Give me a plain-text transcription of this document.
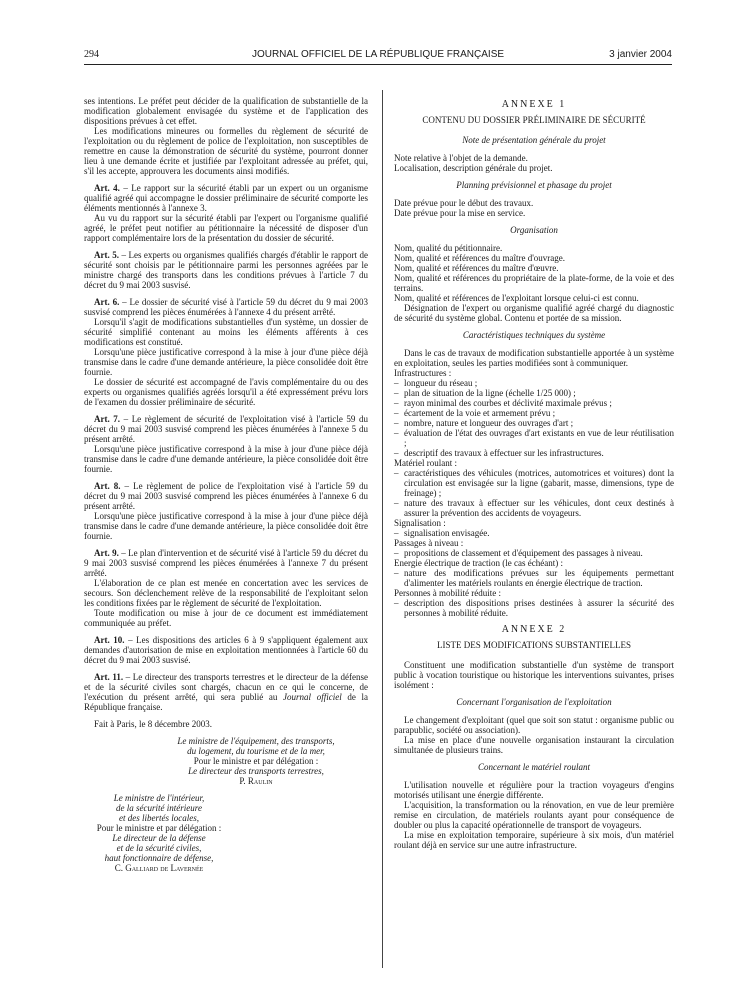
294	JOURNAL OFFICIEL DE LA RÉPUBLIQUE FRANÇAISE	3 janvier 2004

ses intentions. Le préfet peut décider de la qualification de substantielle de la modification globalement envisagée du système et de l'application des dispositions prévues à cet effet.

Les modifications mineures ou formelles du règlement de sécurité de l'exploitation ou du règlement de police de l'exploitation, non susceptibles de remettre en cause la démonstration de sécurité du système, pourront donner lieu à une demande écrite et justifiée par l'exploitant adressée au préfet, qui, s'il les accepte, approuvera les documents ainsi modifiés.

Art. 4. – Le rapport sur la sécurité établi par un expert ou un organisme qualifié agréé qui accompagne le dossier préliminaire de sécurité comporte les éléments mentionnés à l'annexe 3.

Au vu du rapport sur la sécurité établi par l'expert ou l'organisme qualifié agréé, le préfet peut notifier au pétitionnaire la nécessité de disposer d'un rapport complémentaire lors de la présentation du dossier de sécurité.

Art. 5. – Les experts ou organismes qualifiés chargés d'établir le rapport de sécurité sont choisis par le pétitionnaire parmi les personnes agréées par le ministre chargé des transports dans les conditions prévues à l'article 7 du décret du 9 mai 2003 susvisé.

Art. 6. – Le dossier de sécurité visé à l'article 59 du décret du 9 mai 2003 susvisé comprend les pièces énumérées à l'annexe 4 du présent arrêté.

Lorsqu'il s'agit de modifications substantielles d'un système, un dossier de sécurité simplifié contenant au moins les éléments afférents à ces modifications est constitué.

Lorsqu'une pièce justificative correspond à la mise à jour d'une pièce déjà transmise dans le cadre d'une demande antérieure, la pièce consolidée doit être fournie.

Le dossier de sécurité est accompagné de l'avis complémentaire du ou des experts ou organismes qualifiés agréés lorsqu'il a été expressément prévu lors de l'examen du dossier préliminaire de sécurité.

Art. 7. – Le règlement de sécurité de l'exploitation visé à l'article 59 du décret du 9 mai 2003 susvisé comprend les pièces énumérées à l'annexe 5 du présent arrêté.

Lorsqu'une pièce justificative correspond à la mise à jour d'une pièce déjà transmise dans le cadre d'une demande antérieure, la pièce consolidée doit être fournie.

Art. 8. – Le règlement de police de l'exploitation visé à l'article 59 du décret du 9 mai 2003 susvisé comprend les pièces énumérées à l'annexe 6 du présent arrêté.

Lorsqu'une pièce justificative correspond à la mise à jour d'une pièce déjà transmise dans le cadre d'une demande antérieure, la pièce consolidée doit être fournie.

Art. 9. – Le plan d'intervention et de sécurité visé à l'article 59 du décret du 9 mai 2003 susvisé comprend les pièces énumérées à l'annexe 7 du présent arrêté.

L'élaboration de ce plan est menée en concertation avec les services de secours. Son déclenchement relève de la responsabilité de l'exploitant selon les conditions fixées par le règlement de sécurité de l'exploitation.

Toute modification ou mise à jour de ce document est immédiatement communiquée au préfet.

Art. 10. – Les dispositions des articles 6 à 9 s'appliquent également aux demandes d'autorisation de mise en exploitation mentionnées à l'article 60 du décret du 9 mai 2003 susvisé.

Art. 11. – Le directeur des transports terrestres et le directeur de la défense et de la sécurité civiles sont chargés, chacun en ce qui le concerne, de l'exécution du présent arrêté, qui sera publié au Journal officiel de la République française.

Fait à Paris, le 8 décembre 2003.

Le ministre de l'équipement, des transports,

du logement, du tourisme et de la mer,

Pour le ministre et par délégation :

Le directeur des transports terrestres,

P. Raulin

Le ministre de l'intérieur,

de la sécurité intérieure

et des libertés locales,

Pour le ministre et par délégation :

Le directeur de la défense

et de la sécurité civiles,

haut fonctionnaire de défense,

C. Galliard de Lavernée

ANNEXE 1
CONTENU DU DOSSIER PRÉLIMINAIRE DE SÉCURITÉ
Note de présentation générale du projet

Note relative à l'objet de la demande.

Localisation, description générale du projet.

Planning prévisionnel et phasage du projet

Date prévue pour le début des travaux.

Date prévue pour la mise en service.

Organisation

Nom, qualité du pétitionnaire.

Nom, qualité et références du maître d'ouvrage.

Nom, qualité et références du maître d'œuvre.

Nom, qualité et références du propriétaire de la plate-forme, de la voie et des terrains.

Nom, qualité et références de l'exploitant lorsque celui-ci est connu.

Désignation de l'expert ou organisme qualifié agréé chargé du diagnostic de sécurité du système global. Contenu et portée de sa mission.

Caractéristiques techniques du système

Dans le cas de travaux de modification substantielle apportée à un système en exploitation, seules les parties modifiées sont à communiquer.

Infrastructures :

– longueur du réseau ;

– plan de situation de la ligne (échelle 1/25 000) ;

– rayon minimal des courbes et déclivité maximale prévus ;

– écartement de la voie et armement prévu ;

– nombre, nature et longueur des ouvrages d'art ;

– évaluation de l'état des ouvrages d'art existants en vue de leur réutilisation ;

– descriptif des travaux à effectuer sur les infrastructures.

Matériel roulant :

– caractéristiques des véhicules (motrices, automotrices et voitures) dont la circulation est envisagée sur la ligne (gabarit, masse, dimensions, type de freinage) ;

– nature des travaux à effectuer sur les véhicules, dont ceux destinés à assurer la prévention des accidents de voyageurs.

Signalisation :

– signalisation envisagée.

Passages à niveau :

– propositions de classement et d'équipement des passages à niveau.

Energie électrique de traction (le cas échéant) :

– nature des modifications prévues sur les équipements permettant d'alimenter les matériels roulants en énergie électrique de traction.

Personnes à mobilité réduite :

– description des dispositions prises destinées à assurer la sécurité des personnes à mobilité réduite.

ANNEXE 2
LISTE DES MODIFICATIONS SUBSTANTIELLES

Constituent une modification substantielle d'un système de transport public à vocation touristique ou historique les interventions suivantes, prises isolément :

Concernant l'organisation de l'exploitation

Le changement d'exploitant (quel que soit son statut : organisme public ou parapublic, société ou association).

La mise en place d'une nouvelle organisation instaurant la circulation simultanée de plusieurs trains.

Concernant le matériel roulant

L'utilisation nouvelle et régulière pour la traction voyageurs d'engins motorisés utilisant une énergie différente.

L'acquisition, la transformation ou la rénovation, en vue de leur première remise en circulation, de matériels roulants ayant pour conséquence de doubler ou plus la capacité opérationnelle de transport de voyageurs.

La mise en exploitation temporaire, supérieure à six mois, d'un matériel roulant déjà en service sur une autre infrastructure.
